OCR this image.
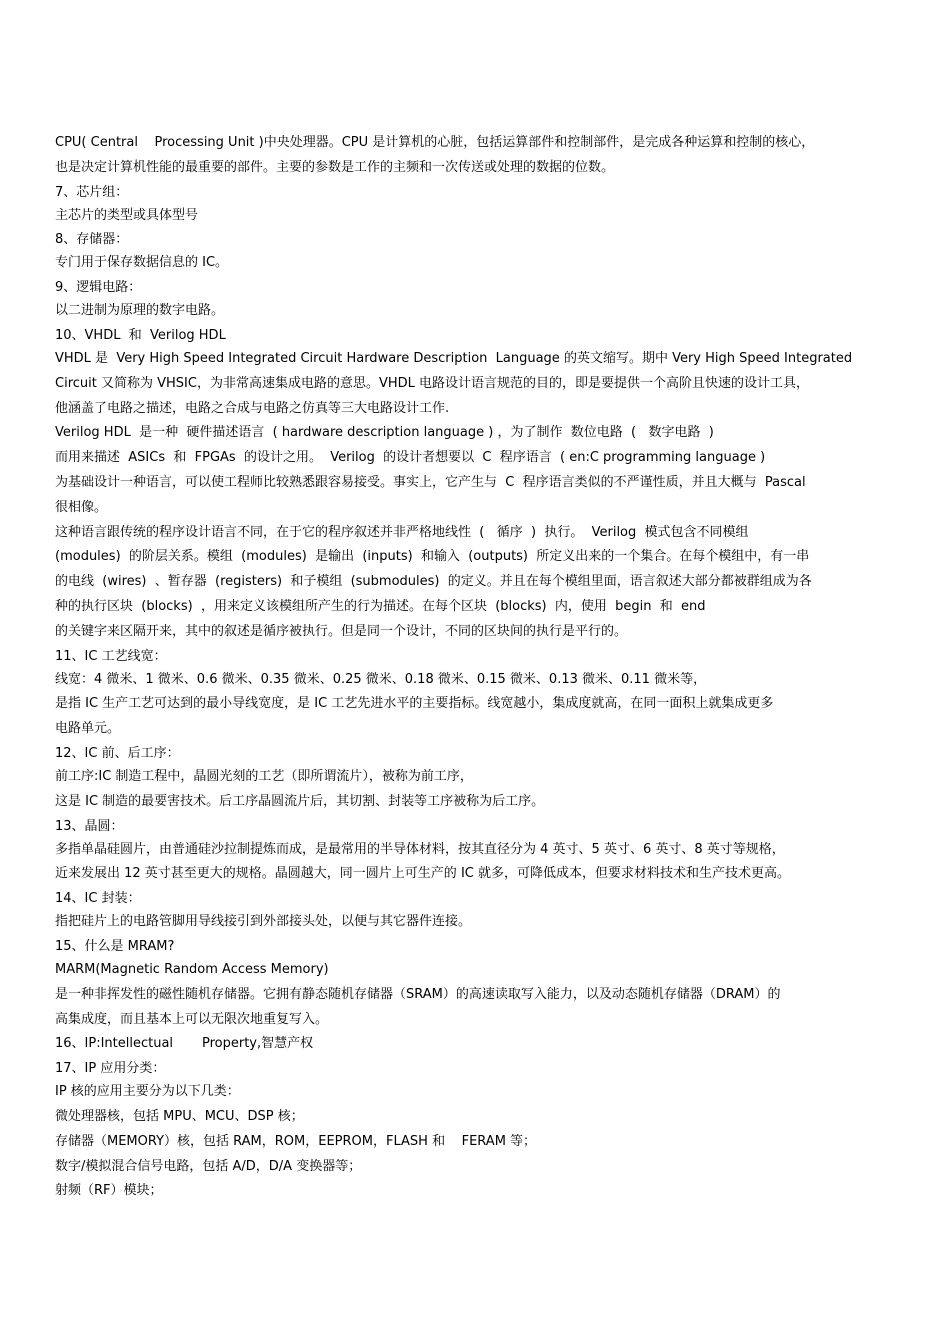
CPU( Central    Processing Unit )中央处理器。CPU 是计算机的心脏，包括运算部件和控制部件，是完成各种运算和控制的核心，
也是决定计算机性能的最重要的部件。主要的参数是工作的主频和一次传送或处理的数据的位数。
7、芯片组：
主芯片的类型或具体型号
8、存储器：
专门用于保存数据信息的 IC。
9、逻辑电路：
以二进制为原理的数字电路。
10、VHDL  和  Verilog HDL
VHDL 是  Very High Speed Integrated Circuit Hardware Description  Language 的英文缩写。期中 Very High Speed Integrated
Circuit 又简称为 VHSIC，为非常高速集成电路的意思。VHDL 电路设计语言规范的目的，即是要提供一个高阶且快速的设计工具，
他涵盖了电路之描述，电路之合成与电路之仿真等三大电路设计工作.
Verilog HDL  是一种  硬件描述语言  ( hardware description language ) ，为了制作  数位电路  (   数字电路  )
而用来描述  ASICs  和  FPGAs  的设计之用。  Verilog  的设计者想要以  C  程序语言  ( en:C programming language )
为基础设计一种语言，可以使工程师比较熟悉跟容易接受。事实上，它产生与  C  程序语言类似的不严谨性质，并且大概与  Pascal
很相像。
这种语言跟传统的程序设计语言不同，在于它的程序叙述并非严格地线性  (   循序  )  执行。  Verilog  模式包含不同模组
(modules)  的阶层关系。模组  (modules)  是输出  (inputs)  和输入  (outputs)  所定义出来的一个集合。在每个模组中，有一串
的电线  (wires)  、暂存器  (registers)  和子模组  (submodules)  的定义。并且在每个模组里面，语言叙述大部分都被群组成为各
种的执行区块  (blocks)  ，用来定义该模组所产生的行为描述。在每个区块  (blocks)  内，使用  begin  和  end
的关键字来区隔开来，其中的叙述是循序被执行。但是同一个设计，不同的区块间的执行是平行的。
11、IC 工艺线宽：
线宽：4 微米、1 微米、0.6 微米、0.35 微米、0.25 微米、0.18 微米、0.15 微米、0.13 微米、0.11 微米等，
是指 IC 生产工艺可达到的最小导线宽度，是 IC 工艺先进水平的主要指标。线宽越小，集成度就高，在同一面积上就集成更多
电路单元。
12、IC 前、后工序：
前工序:IC 制造工程中，晶圆光刻的工艺（即所谓流片），被称为前工序，
这是 IC 制造的最要害技术。后工序晶圆流片后，其切割、封装等工序被称为后工序。
13、晶圆：
多指单晶硅圆片，由普通硅沙拉制提炼而成，是最常用的半导体材料，按其直径分为 4 英寸、5 英寸、6 英寸、8 英寸等规格，
近来发展出 12 英寸甚至更大的规格。晶圆越大，同一圆片上可生产的 IC 就多，可降低成本，但要求材料技术和生产技术更高。
14、IC 封装：
指把硅片上的电路管脚用导线接引到外部接头处，以便与其它器件连接。
15、什么是 MRAM?
MARM(Magnetic Random Access Memory)
是一种非挥发性的磁性随机存储器。它拥有静态随机存储器（SRAM）的高速读取写入能力，以及动态随机存储器（DRAM）的
高集成度，而且基本上可以无限次地重复写入。
16、IP:Intellectual       Property,智慧产权
17、IP 应用分类：
IP 核的应用主要分为以下几类：
微处理器核，包括 MPU、MCU、DSP 核；
存储器（MEMORY）核，包括 RAM，ROM，EEPROM，FLASH 和    FERAM 等；
数字/模拟混合信号电路，包括 A/D，D/A 变换器等；
射频（RF）模块；
